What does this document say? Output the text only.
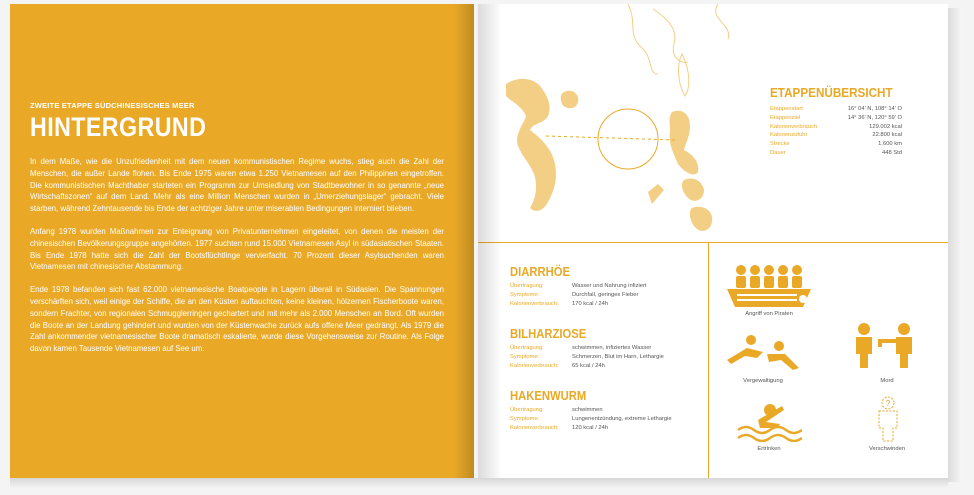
ZWEITE ETAPPE SÜDCHINESISCHES MEER
HINTERGRUND

In dem Maße, wie die Unzufriedenheit mit dem neuen kommunistischen Regime wuchs, stieg auch die Zahl der Menschen, die außer Lande flohen. Bis Ende 1975 waren etwa 1.250 Vietnamesen auf den Philippinen eingetroffen. Die kommunistischen Machthaber starteten ein Programm zur Umsiedlung von Stadtbewohner in so genannte „neue Wirtschaftszonen“ auf dem Land. Mehr als eine Million Menschen wurden in „Umerziehungslager“ gebracht. Viele starben, während Zehntausende bis Ende der achtziger Jahre unter miserablen Bedingungen interniert blieben.

Anfang 1978 wurden Maßnahmen zur Enteignung von Privatunternehmen eingeleitet, von denen die meisten der chinesischen Bevölkerungsgruppe angehörten. 1977 suchten rund 15.000 Vietnamesen Asyl in südasiatischen Staaten. Bis Ende 1978 hatte sich die Zahl der Bootsflüchtlinge vervierfacht. 70 Prozent dieser Asylsuchenden waren Vietnamesen mit chinesischer Abstammung.

Ende 1978 befanden sich fast 62.000 vietnamesische Boatpeople in Lagern überall in Südasien. Die Spannungen verschärften sich, weil einige der Schiffe, die an den Küsten auftauchten, keine kleinen, hölzernen Fischerboote waren, sondern Frachter, von regionalen Schmugglerringen gechartert und mit mehr als 2.000 Menschen an Bord. Oft wurden die Boote an der Landung gehindert und wurden von der Küstenwache zurück aufs offene Meer gedrängt. Als 1979 die Zahl ankommender vietnamesischer Boote dramatisch eskalierte, wurde diese Vorgehensweise zur Routine. Als Folge davon kamen Tausende Vietnamesen auf See um.

ETAPPENÜBERSICHT
Etappenstart	16° 04' N, 108° 14' O
Etappenziel	14° 36' N, 120° 59' O
Kalorienverbrauch	129.002 kcal
Kalorienzufuhr	22.800 kcal
Strecke	1.600 km
Dauer	448 Std
DIARRHÖE
Übertragung:	Wasser und Nahrung infiziert
Symptome:	Durchfall, geringes Fieber
Kalorienverbrauch:	170 kcal / 24h
BILHARZIOSE
Übertragung:	schwimmen, infiziertes Wasser
Symptome:	Schmerzen, Blut im Harn, Lethargie
Kalorienverbrauch:	65 kcal / 24h
HAKENWURM
Übertragung:	schwimmen
Symptome:	Lungenentzündung, extreme Lethargie
Kalorienverbrauch:	120 kcal / 24h
Angriff von Piraten
Vergewaltigung	Mord
Ertrinken
?
Verschwinden
